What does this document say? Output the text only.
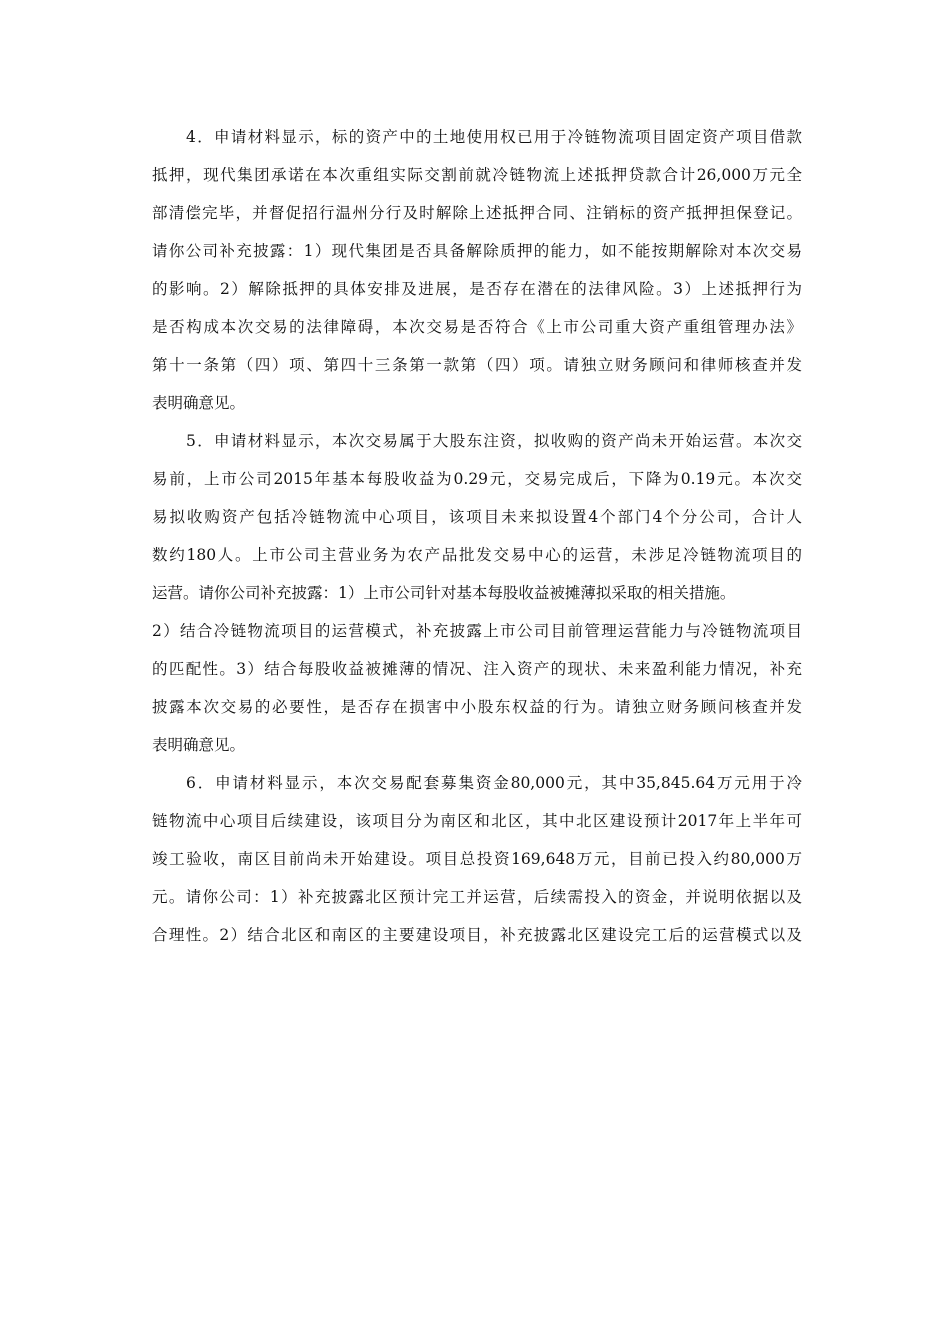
4．申请材料显示，标的资产中的土地使用权已用于冷链物流项目固定资产项目借款
抵押，现代集团承诺在本次重组实际交割前就冷链物流上述抵押贷款合计26,000万元全
部清偿完毕，并督促招行温州分行及时解除上述抵押合同、注销标的资产抵押担保登记。
请你公司补充披露：1）现代集团是否具备解除质押的能力，如不能按期解除对本次交易
的影响。2）解除抵押的具体安排及进展，是否存在潜在的法律风险。3）上述抵押行为
是否构成本次交易的法律障碍，本次交易是否符合《上市公司重大资产重组管理办法》
第十一条第（四）项、第四十三条第一款第（四）项。请独立财务顾问和律师核查并发
表明确意见。
5．申请材料显示，本次交易属于大股东注资，拟收购的资产尚未开始运营。本次交
易前，上市公司2015年基本每股收益为0.29元，交易完成后，下降为0.19元。本次交
易拟收购资产包括冷链物流中心项目，该项目未来拟设置4个部门4个分公司，合计人
数约180人。上市公司主营业务为农产品批发交易中心的运营，未涉足冷链物流项目的
运营。请你公司补充披露：1）上市公司针对基本每股收益被摊薄拟采取的相关措施。
2）结合冷链物流项目的运营模式，补充披露上市公司目前管理运营能力与冷链物流项目
的匹配性。3）结合每股收益被摊薄的情况、注入资产的现状、未来盈利能力情况，补充
披露本次交易的必要性，是否存在损害中小股东权益的行为。请独立财务顾问核查并发
表明确意见。
6．申请材料显示，本次交易配套募集资金80,000元，其中35,845.64万元用于冷
链物流中心项目后续建设，该项目分为南区和北区，其中北区建设预计2017年上半年可
竣工验收，南区目前尚未开始建设。项目总投资169,648万元，目前已投入约80,000万
元。请你公司：1）补充披露北区预计完工并运营，后续需投入的资金，并说明依据以及
合理性。2）结合北区和南区的主要建设项目，补充披露北区建设完工后的运营模式以及
